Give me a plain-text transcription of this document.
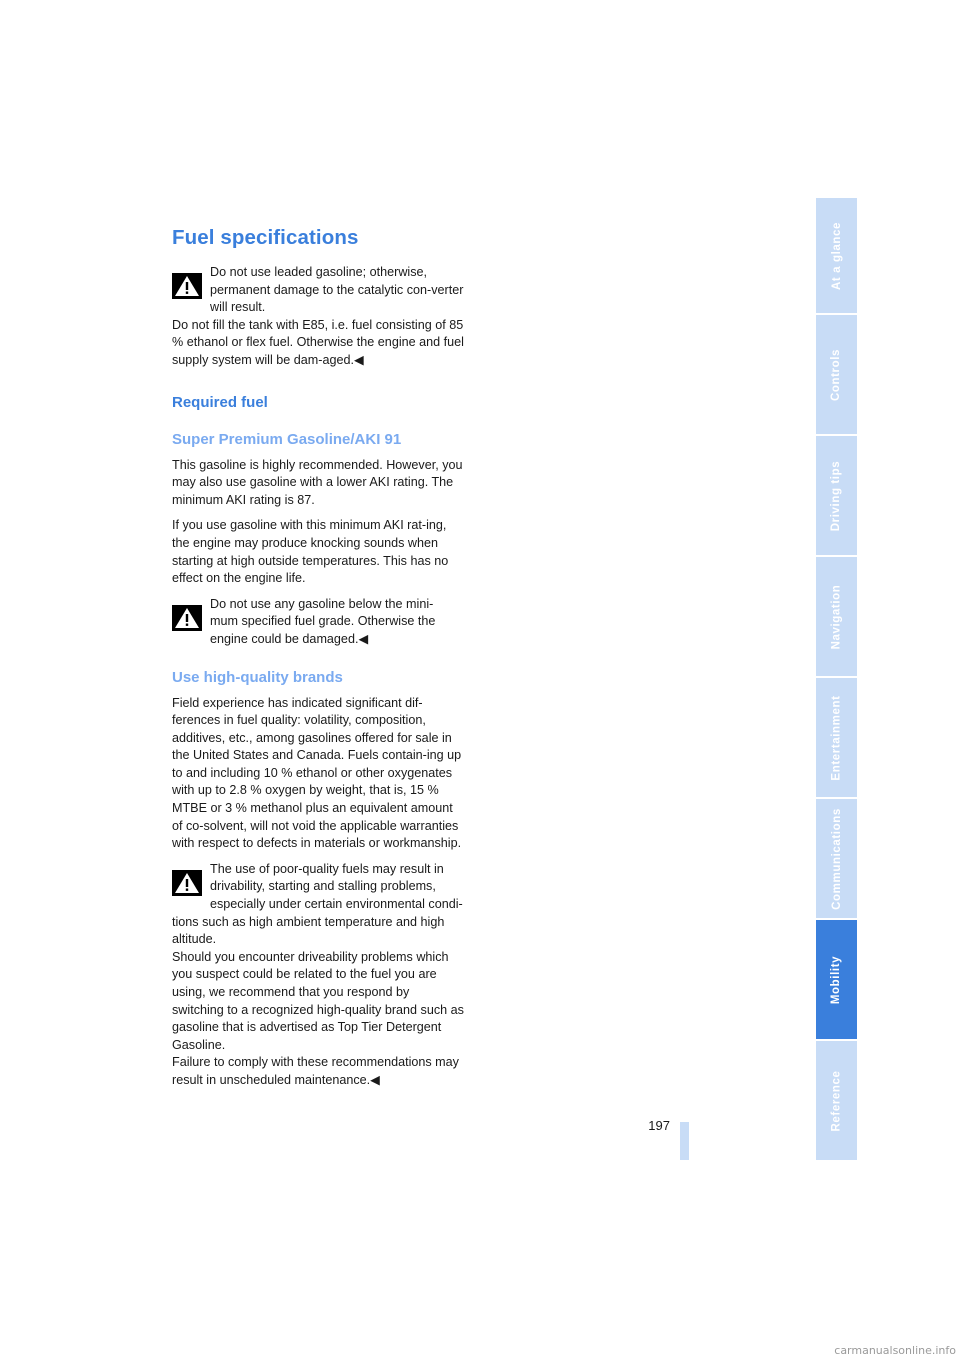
Fuel specifications

Do not use leaded gasoline; otherwise, permanent damage to the catalytic con-verter will result.

Do not fill the tank with E85, i.e. fuel consisting of 85 % ethanol or flex fuel. Otherwise the engine and fuel supply system will be dam-aged.◀

Required fuel
Super Premium Gasoline/AKI 91

This gasoline is highly recommended. However, you may also use gasoline with a lower AKI rating. The minimum AKI rating is 87.

If you use gasoline with this minimum AKI rat-ing, the engine may produce knocking sounds when starting at high outside temperatures. This has no effect on the engine life.

Do not use any gasoline below the mini- mum specified fuel grade. Otherwise the engine could be damaged.◀

Use high-quality brands

Field experience has indicated significant dif-ferences in fuel quality: volatility, composition, additives, etc., among gasolines offered for sale in the United States and Canada. Fuels contain-ing up to and including 10 % ethanol or other oxygenates with up to 2.8 % oxygen by weight, that is, 15 % MTBE or 3 % methanol plus an equivalent amount of co-solvent, will not void the applicable warranties with respect to defects in materials or workmanship.

The use of poor-quality fuels may result in drivability, starting and stalling problems, especially under certain environmental condi-tions such as high ambient temperature and high altitude.

Should you encounter driveability problems which you suspect could be related to the fuel you are using, we recommend that you respond by switching to a recognized high-quality brand such as gasoline that is advertised as Top Tier Detergent Gasoline.

Failure to comply with these recommendations may result in unscheduled maintenance.◀

197
At a glance
Controls
Driving tips
Navigation
Entertainment
Communications
Mobility
Reference
carmanualsonline.info
